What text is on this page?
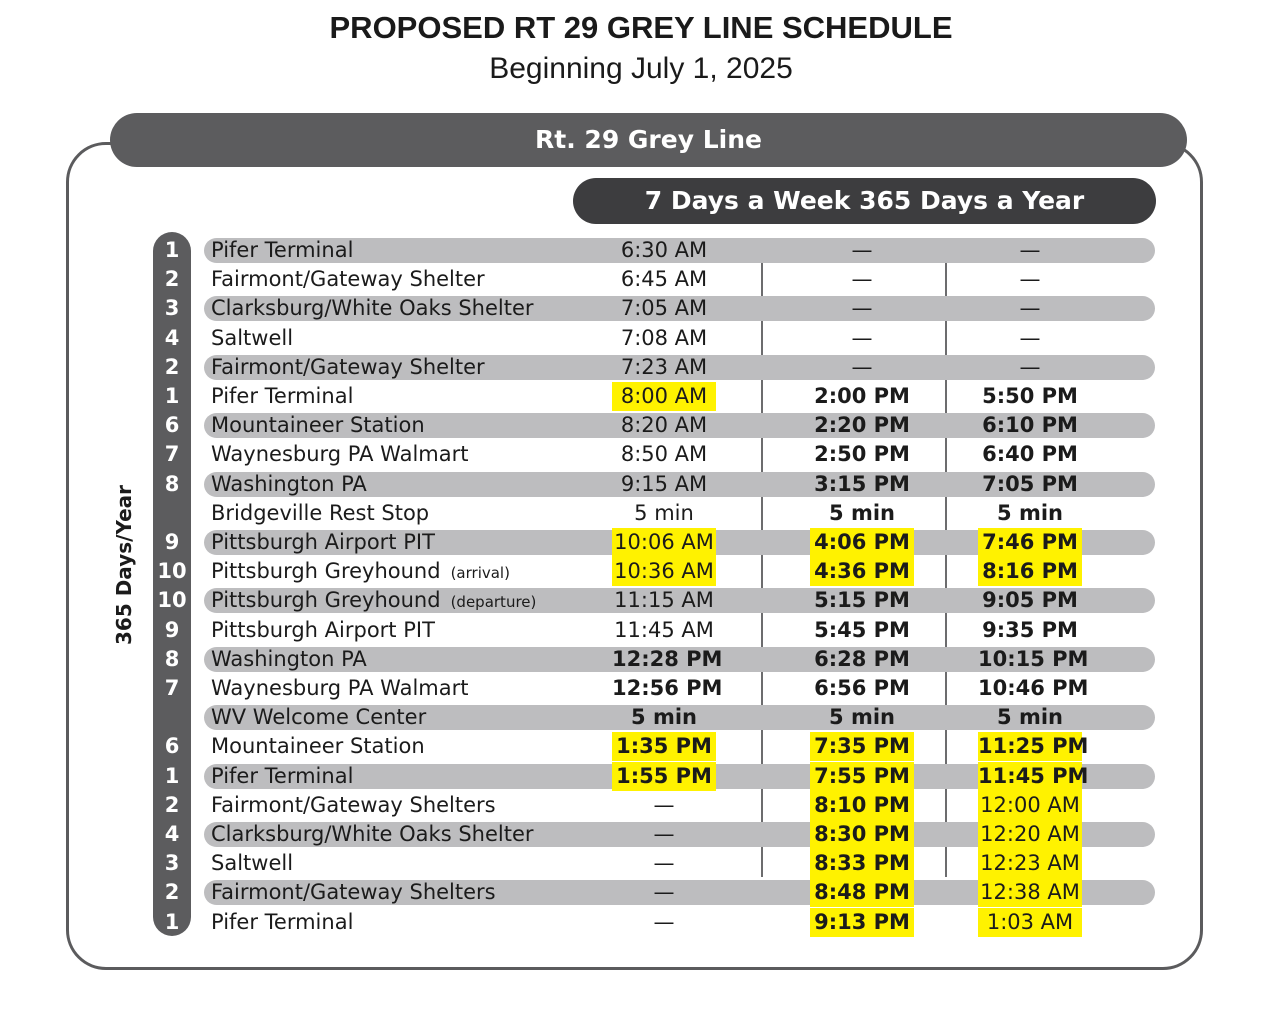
PROPOSED RT 29 GREY LINE SCHEDULE
Beginning July 1, 2025
Rt. 29 Grey Line
7 Days a Week 365 Days a Year
365 Days/Year
1	Pifer Terminal	6:30 AM	—	—
2	Fairmont/Gateway Shelter	6:45 AM	—	—
3	Clarksburg/White Oaks Shelter	7:05 AM	—	—
4	Saltwell	7:08 AM	—	—
2	Fairmont/Gateway Shelter	7:23 AM	—	—
1	Pifer Terminal	8:00 AM	2:00 PM	5:50 PM
6	Mountaineer Station	8:20 AM	2:20 PM	6:10 PM
7	Waynesburg PA Walmart	8:50 AM	2:50 PM	6:40 PM
8	Washington PA	9:15 AM	3:15 PM	7:05 PM
Bridgeville Rest Stop	5 min	5 min	5 min
9	Pittsburgh Airport PIT	10:06 AM	4:06 PM	7:46 PM
10 Pittsburgh Greyhound (arrival)	10:36 AM	4:36 PM	8:16 PM
10 Pittsburgh Greyhound (departure)	11:15 AM	5:15 PM	9:05 PM
9	Pittsburgh Airport PIT	11:45 AM	5:45 PM	9:35 PM
8	Washington PA	12:28 PM	6:28 PM	10:15 PM
7	Waynesburg PA Walmart	12:56 PM	6:56 PM	10:46 PM
WV Welcome Center	5 min	5 min	5 min
6	Mountaineer Station	1:35 PM	7:35 PM	11:25 PM
1	Pifer Terminal	1:55 PM	7:55 PM	11:45 PM
2	Fairmont/Gateway Shelters	—	8:10 PM	12:00 AM
4	Clarksburg/White Oaks Shelter	—	8:30 PM	12:20 AM
3	Saltwell	—	8:33 PM	12:23 AM
2	Fairmont/Gateway Shelters	—	8:48 PM	12:38 AM
1	Pifer Terminal	—	9:13 PM	1:03 AM
